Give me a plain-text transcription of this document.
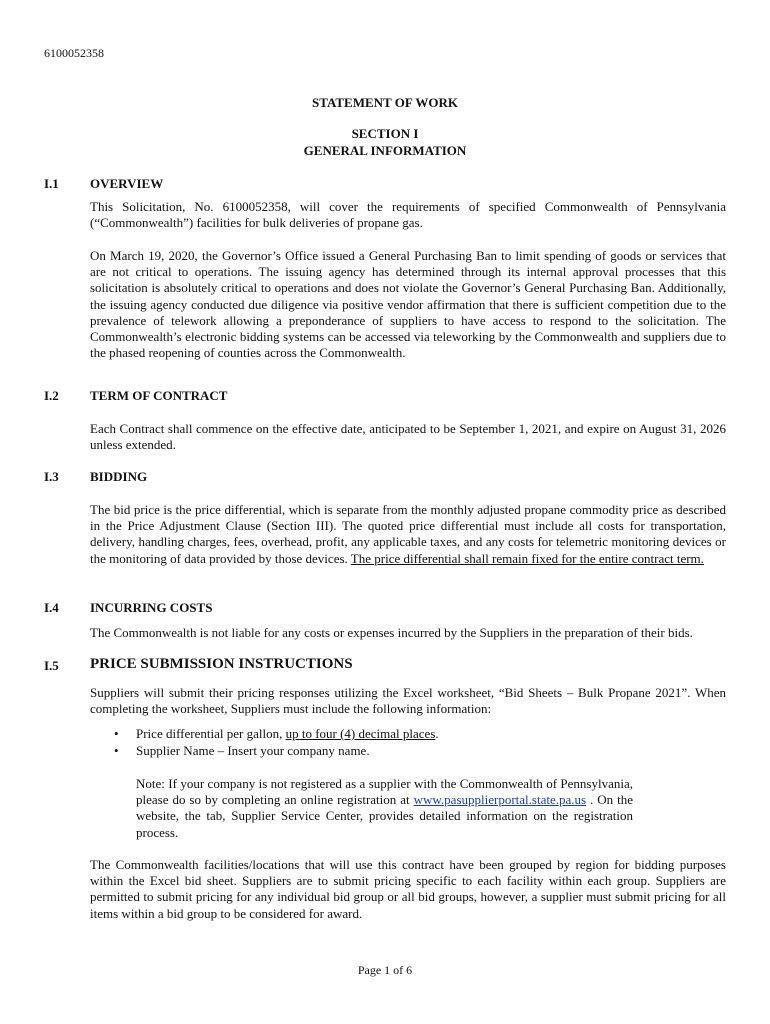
6100052358
STATEMENT OF WORK
SECTION I
GENERAL INFORMATION
I.1 OVERVIEW

This Solicitation, No. 6100052358, will cover the requirements of specified Commonwealth of Pennsylvania (“Commonwealth”) facilities for bulk deliveries of propane gas.

On March 19, 2020, the Governor’s Office issued a General Purchasing Ban to limit spending of goods or services that are not critical to operations. The issuing agency has determined through its internal approval processes that this solicitation is absolutely critical to operations and does not violate the Governor’s General Purchasing Ban. Additionally, the issuing agency conducted due diligence via positive vendor affirmation that there is sufficient competition due to the prevalence of telework allowing a preponderance of suppliers to have access to respond to the solicitation. The Commonwealth’s electronic bidding systems can be accessed via teleworking by the Commonwealth and suppliers due to the phased reopening of counties across the Commonwealth.

I.2 TERM OF CONTRACT

Each Contract shall commence on the effective date, anticipated to be September 1, 2021, and expire on August 31, 2026 unless extended.

I.3 BIDDING

The bid price is the price differential, which is separate from the monthly adjusted propane commodity price as described in the Price Adjustment Clause (Section III). The quoted price differential must include all costs for transportation, delivery, handling charges, fees, overhead, profit, any applicable taxes, and any costs for telemetric monitoring devices or the monitoring of data provided by those devices. The price differential shall remain fixed for the entire contract term.

I.4 INCURRING COSTS

The Commonwealth is not liable for any costs or expenses incurred by the Suppliers in the preparation of their bids.

I.5 PRICE SUBMISSION INSTRUCTIONS

Suppliers will submit their pricing responses utilizing the Excel worksheet, “Bid Sheets – Bulk Propane 2021”. When completing the worksheet, Suppliers must include the following information:

• Price differential per gallon, up to four (4) decimal places.
• Supplier Name – Insert your company name.

Note: If your company is not registered as a supplier with the Commonwealth of Pennsylvania, please do so by completing an online registration at www.pasupplierportal.state.pa.us . On the website, the tab, Supplier Service Center, provides detailed information on the registration process.

The Commonwealth facilities/locations that will use this contract have been grouped by region for bidding purposes within the Excel bid sheet. Suppliers are to submit pricing specific to each facility within each group. Suppliers are permitted to submit pricing for any individual bid group or all bid groups, however, a supplier must submit pricing for all items within a bid group to be considered for award.

Page 1 of 6
